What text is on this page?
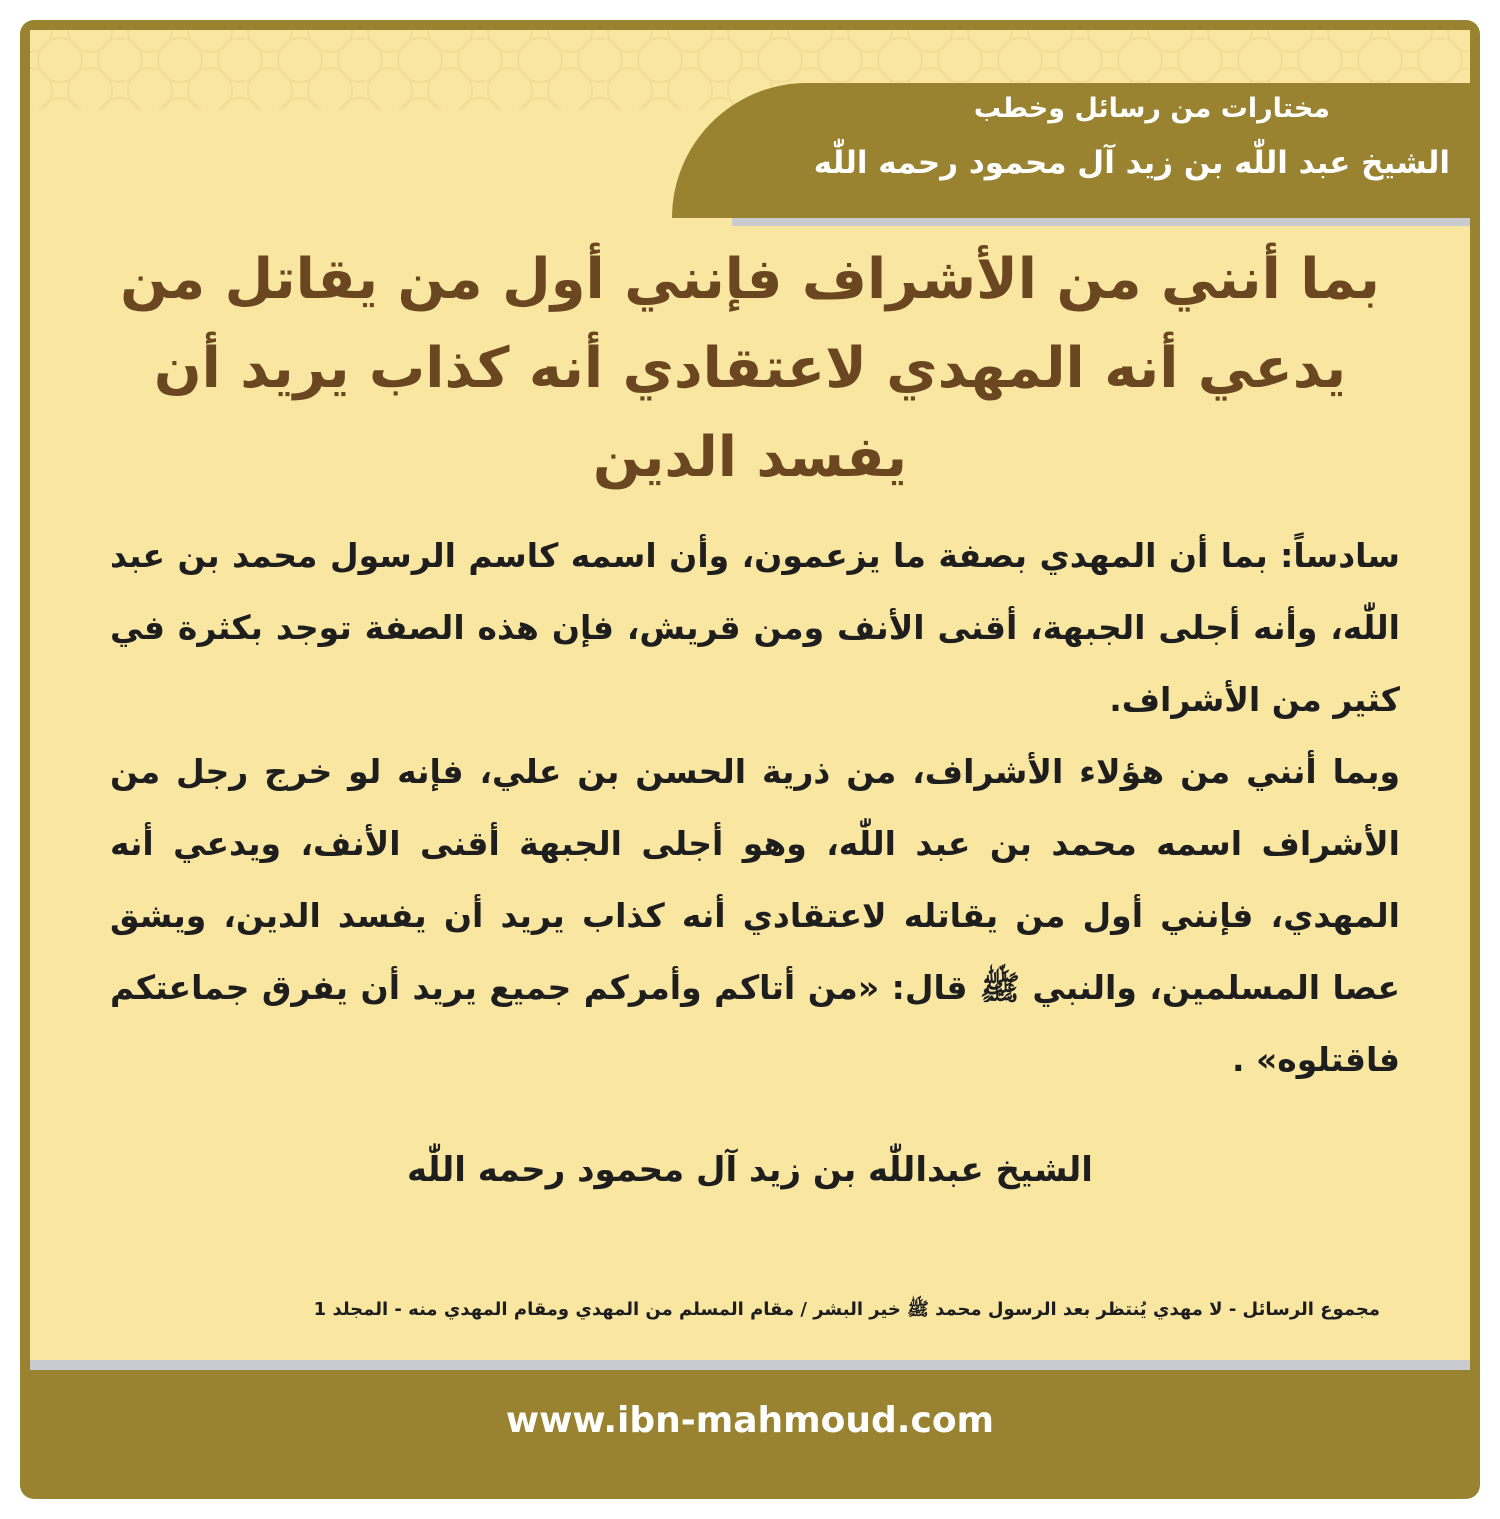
مختارات من رسائل وخطب
الشيخ عبد اللّٰه بن زيد آل محمود رحمه اللّٰه
بما أنني من الأشراف فإنني أول من يقاتل من يدعي أنه المهدي لاعتقادي أنه كذاب يريد أن يفسد الدين

سادساً: بما أن المهدي بصفة ما يزعمون، وأن اسمه كاسم الرسول محمد بن عبد اللّٰه، وأنه أجلى الجبهة، أقنى الأنف ومن قريش، فإن هذه الصفة توجد بكثرة في كثير من الأشراف.

وبما أنني من هؤلاء الأشراف، من ذرية الحسن بن علي، فإنه لو خرج رجل من الأشراف اسمه محمد بن عبد اللّٰه، وهو أجلى الجبهة أقنى الأنف، ويدعي أنه المهدي، فإنني أول من يقاتله لاعتقادي أنه كذاب يريد أن يفسد الدين، ويشق عصا المسلمين، والنبي ﷺ قال: «من أتاكم وأمركم جميع يريد أن يفرق جماعتكم فاقتلوه» .

الشيخ عبداللّٰه بن زيد آل محمود رحمه اللّٰه
مجموع الرسائل - لا مهدي يُنتظر بعد الرسول محمد ﷺ خير البشر / مقام المسلم من المهدي ومقام المهدي منه - المجلد 1
www.ibn-mahmoud.com
